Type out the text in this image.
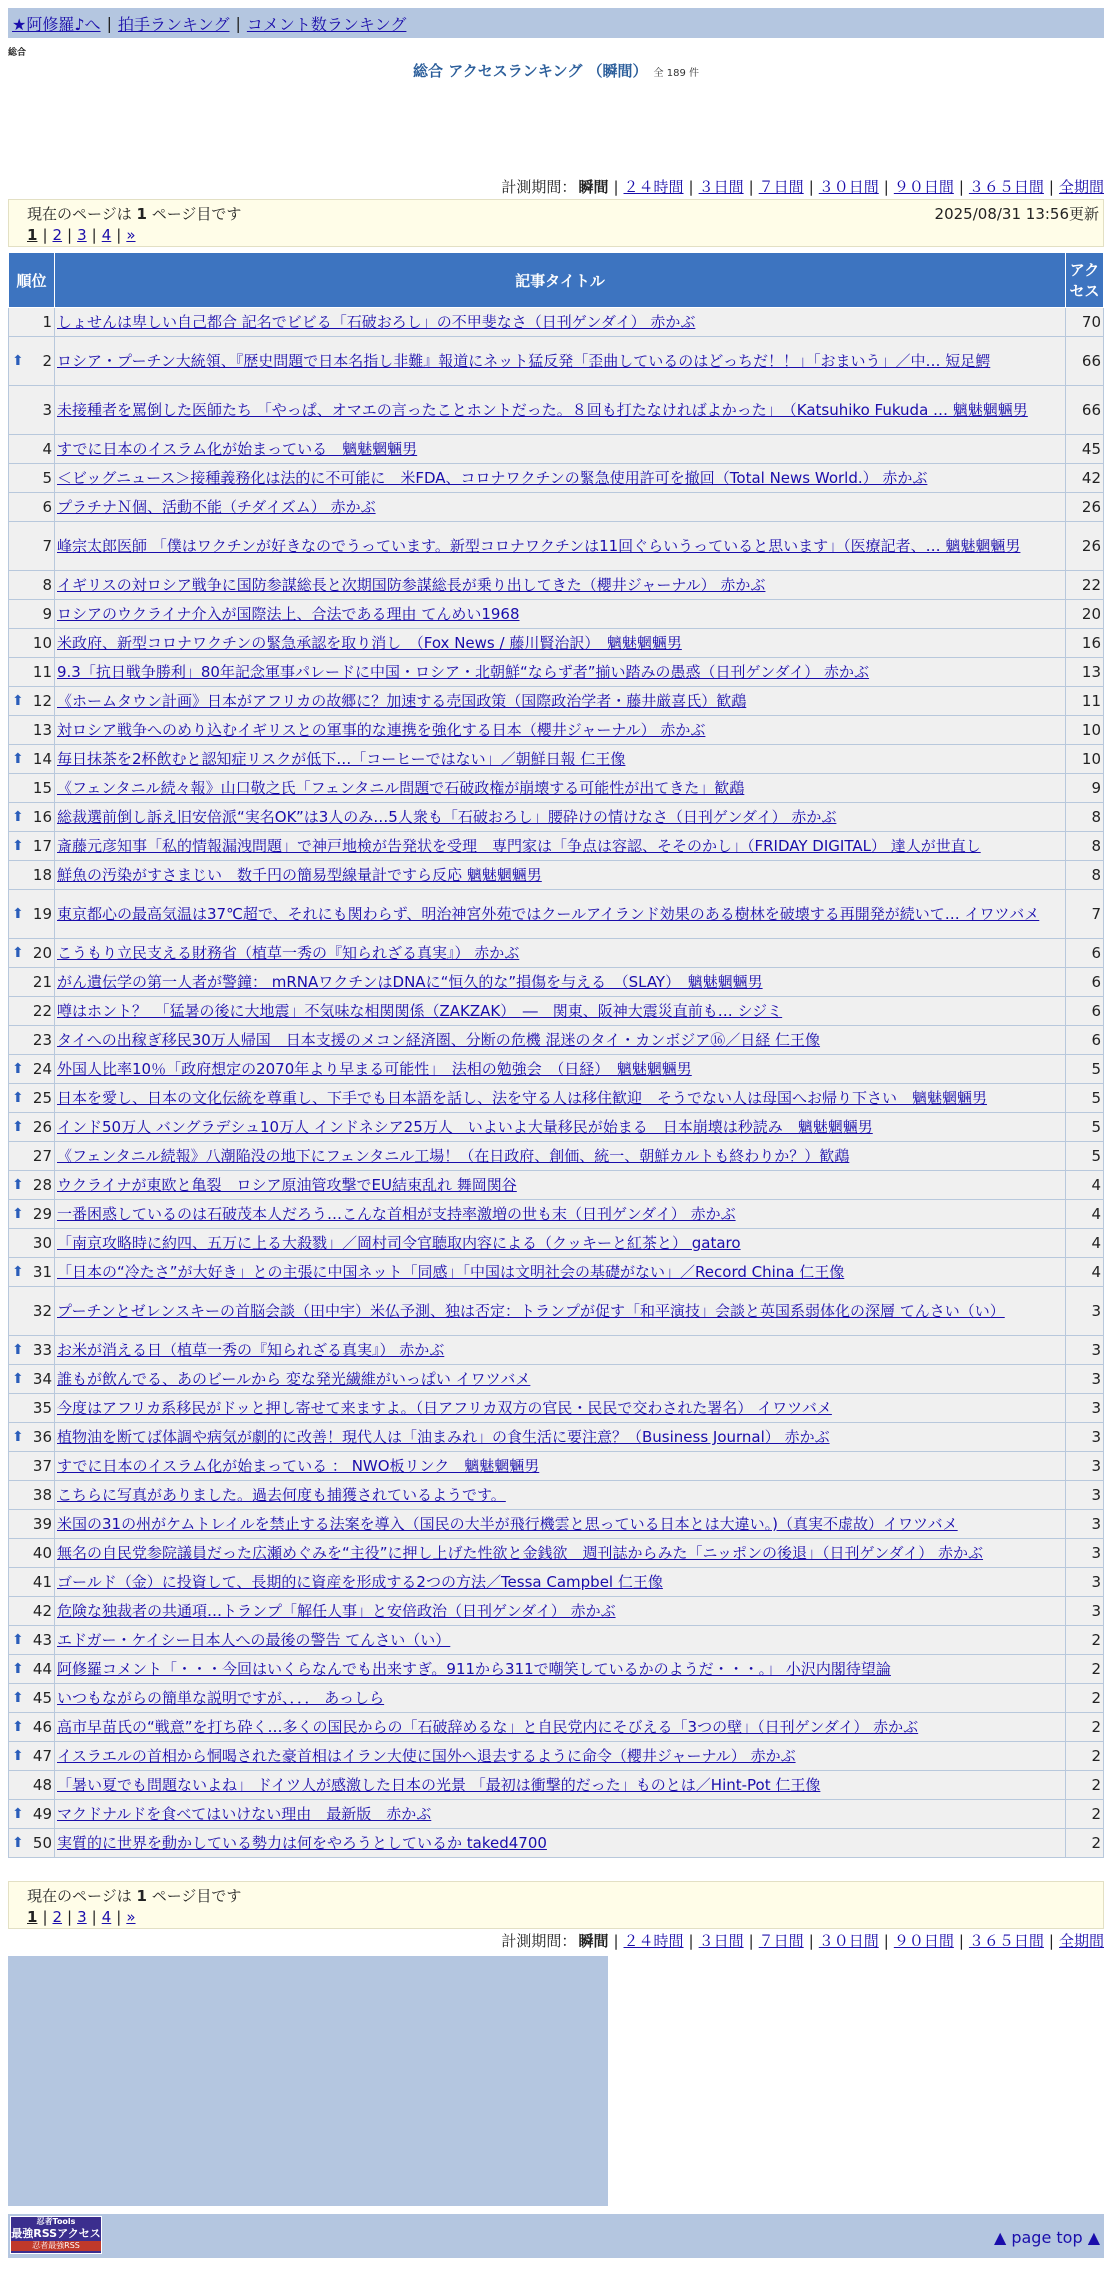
★阿修羅♪へ | 拍手ランキング | コメント数ランキング
総合
総合 アクセスランキング （瞬間） 全 189 件
計測期間： 瞬間 | ２４時間 | ３日間 | ７日間 | ３０日間 | ９０日間 | ３６５日間 | 全期間
現在のページは 1 ページ目です	2025/08/31 13:56更新
1 | 2 | 3 | 4 | »
順位	記事タイトル	アクセス
1	しょせんは卑しい自己都合 記名でビビる「石破おろし」の不甲斐なさ（日刊ゲンダイ） 赤かぶ	70

⬆ 2	ロシア・プーチン大統領、『歴史問題で日本名指し非難』報道にネット猛反発「歪曲しているのはどっちだ！！」「おまいう」／中… 短足鰐	66
3	未接種者を罵倒した医師たち 「やっぱ、オマエの言ったことホントだった。８回も打たなければよかった」　（Katsuhiko Fukuda … 魑魅魍魎男	66
4	すでに日本のイスラム化が始まっている　魑魅魍魎男	45
5	＜ビッグニュース＞接種義務化は法的に不可能に　米FDA、コロナワクチンの緊急使用許可を撤回（Total News World.） 赤かぶ	42
6	プラチナＮ個、活動不能（チダイズム） 赤かぶ	26
7	峰宗太郎医師 「僕はワクチンが好きなのでうっています。新型コロナワクチンは11回ぐらいうっていると思います」（医療記者、… 魑魅魍魎男	26
8	イギリスの対ロシア戦争に国防参謀総長と次期国防参謀総長が乗り出してきた（櫻井ジャーナル） 赤かぶ	22
9	ロシアのウクライナ介入が国際法上、合法である理由 てんめい1968	20
10	米政府、新型コロナワクチンの緊急承認を取り消し　（Fox News / 藤川賢治訳）　魑魅魍魎男	16
11	9.3「抗日戦争勝利」80年記念軍事パレードに中国・ロシア・北朝鮮“ならず者”揃い踏みの愚惑（日刊ゲンダイ） 赤かぶ	13

⬆ 12	《ホームタウン計画》日本がアフリカの故郷に？加速する売国政策（国際政治学者・藤井厳喜氏）歓鵡	11
13	対ロシア戦争へのめり込むイギリスとの軍事的な連携を強化する日本（櫻井ジャーナル） 赤かぶ	10

⬆ 14	毎日抹茶を2杯飲むと認知症リスクが低下…「コーヒーではない」／朝鮮日報 仁王像	10
15	《フェンタニル続々報》山口敬之氏「フェンタニル問題で石破政権が崩壊する可能性が出てきた」歓鵡	9

⬆ 16	総裁選前倒し訴え旧安倍派“実名OK”は3人のみ…5人衆も「石破おろし」腰砕けの情けなさ（日刊ゲンダイ） 赤かぶ	8

⬆ 17	斎藤元彦知事「私的情報漏洩問題」で神戸地検が告発状を受理　専門家は「争点は容認、そそのかし」（FRIDAY DIGITAL） 達人が世直し	8
18	鮮魚の汚染がすさまじい　数千円の簡易型線量計ですら反応 魑魅魍魎男	8

⬆ 19	東京都心の最高気温は37℃超で、それにも関わらず、明治神宮外苑ではクールアイランド効果のある樹林を破壊する再開発が続いて… イワツバメ	7

⬆ 20	こうもり立民支える財務省（植草一秀の『知られざる真実』） 赤かぶ	6
21	がん遺伝学の第一人者が警鐘： mRNAワクチンはDNAに“恒久的な”損傷を与える　（SLAY）　魑魅魍魎男	6
22	噂はホント？　「猛暑の後に大地震」不気味な相関関係（ZAKZAK）　―　関東、阪神大震災直前も… シジミ	6
23	タイへの出稼ぎ移民30万人帰国　日本支援のメコン経済圏、分断の危機 混迷のタイ・カンボジア⑯／日経 仁王像	6

⬆ 24	外国人比率10％「政府想定の2070年より早まる可能性」　法相の勉強会　（日経）　魑魅魍魎男	5

⬆ 25	日本を愛し、日本の文化伝統を尊重し、下手でも日本語を話し、法を守る人は移住歓迎　そうでない人は母国へお帰り下さい　魑魅魍魎男	5

⬆ 26	インド50万人 バングラデシュ10万人 インドネシア25万人　いよいよ大量移民が始まる　日本崩壊は秒読み　魑魅魍魎男	5
27	《フェンタニル続報》八潮陥没の地下にフェンタニル工場！（在日政府、創価、統一、朝鮮カルトも終わりか？）歓鵡	5

⬆ 28	ウクライナが東欧と亀裂　ロシア原油管攻撃でEU結束乱れ 舞岡関谷	4

⬆ 29	一番困惑しているのは石破茂本人だろう…こんな首相が支持率激増の世も末（日刊ゲンダイ） 赤かぶ	4
30	「南京攻略時に約四、五万に上る大殺戮」／岡村司令官聴取内容による（クッキーと紅茶と） gataro	4

⬆ 31	「日本の“冷たさ”が大好き」との主張に中国ネット「同感」「中国は文明社会の基礎がない」／Record China 仁王像	4
32	プーチンとゼレンスキーの首脳会談（田中宇）米仏予測、独は否定：トランプが促す「和平演技」会談と英国系弱体化の深層 てんさい（い）	3

⬆ 33	お米が消える日（植草一秀の『知られざる真実』） 赤かぶ	3

⬆ 34	誰もが飲んでる、あのビールから 変な発光繊維がいっぱい イワツバメ	3
35	今度はアフリカ系移民がドッと押し寄せて来ますよ。（日アフリカ双方の官民・民民で交わされた署名） イワツバメ	3

⬆ 36	植物油を断てば体調や病気が劇的に改善！現代人は「油まみれ」の食生活に要注意？（Business Journal） 赤かぶ	3
37	すでに日本のイスラム化が始まっている ： NWO板リンク　魑魅魍魎男	3
38	こちらに写真がありました。過去何度も捕獲されているようです。	3
39	米国の31の州がケムトレイルを禁止する法案を導入（国民の大半が飛行機雲と思っている日本とは大違い。)（真実不虚故）イワツバメ	3
40	無名の自民党参院議員だった広瀬めぐみを“主役”に押し上げた性欲と金銭欲　週刊誌からみた「ニッポンの後退」（日刊ゲンダイ） 赤かぶ	3
41	ゴールド（金）に投資して、長期的に資産を形成する2つの方法／Tessa Campbel 仁王像	3
42	危険な独裁者の共通項…トランプ「解任人事」と安倍政治（日刊ゲンダイ） 赤かぶ	3

⬆ 43	エドガー・ケイシー日本人への最後の警告 てんさい（い）	2

⬆ 44	阿修羅コメント「・・・今回はいくらなんでも出来すぎ。911から311で嘲笑しているかのようだ・・・。」 小沢内閣待望論	2

⬆ 45	いつもながらの簡単な説明ですが、．．． あっしら	2

⬆ 46	高市早苗氏の“戦意”を打ち砕く…多くの国民からの「石破辞めるな」と自民党内にそびえる「3つの壁」（日刊ゲンダイ） 赤かぶ	2

⬆ 47	イスラエルの首相から恫喝された豪首相はイラン大使に国外へ退去するように命令（櫻井ジャーナル） 赤かぶ	2
48	「暑い夏でも問題ないよね」 ドイツ人が感激した日本の光景 「最初は衝撃的だった」ものとは／Hint-Pot 仁王像	2

⬆ 49	マクドナルドを食べてはいけない理由　最新版　赤かぶ	2

⬆ 50	実質的に世界を動かしている勢力は何をやろうとしているか taked4700	2
現在のページは 1 ページ目です
1 | 2 | 3 | 4 | »
計測期間： 瞬間 | ２４時間 | ３日間 | ７日間 | ３０日間 | ９０日間 | ３６５日間 | 全期間
忍者Tools
最強RSSアクセス
忍者最強RSS	▲ page top ▲
